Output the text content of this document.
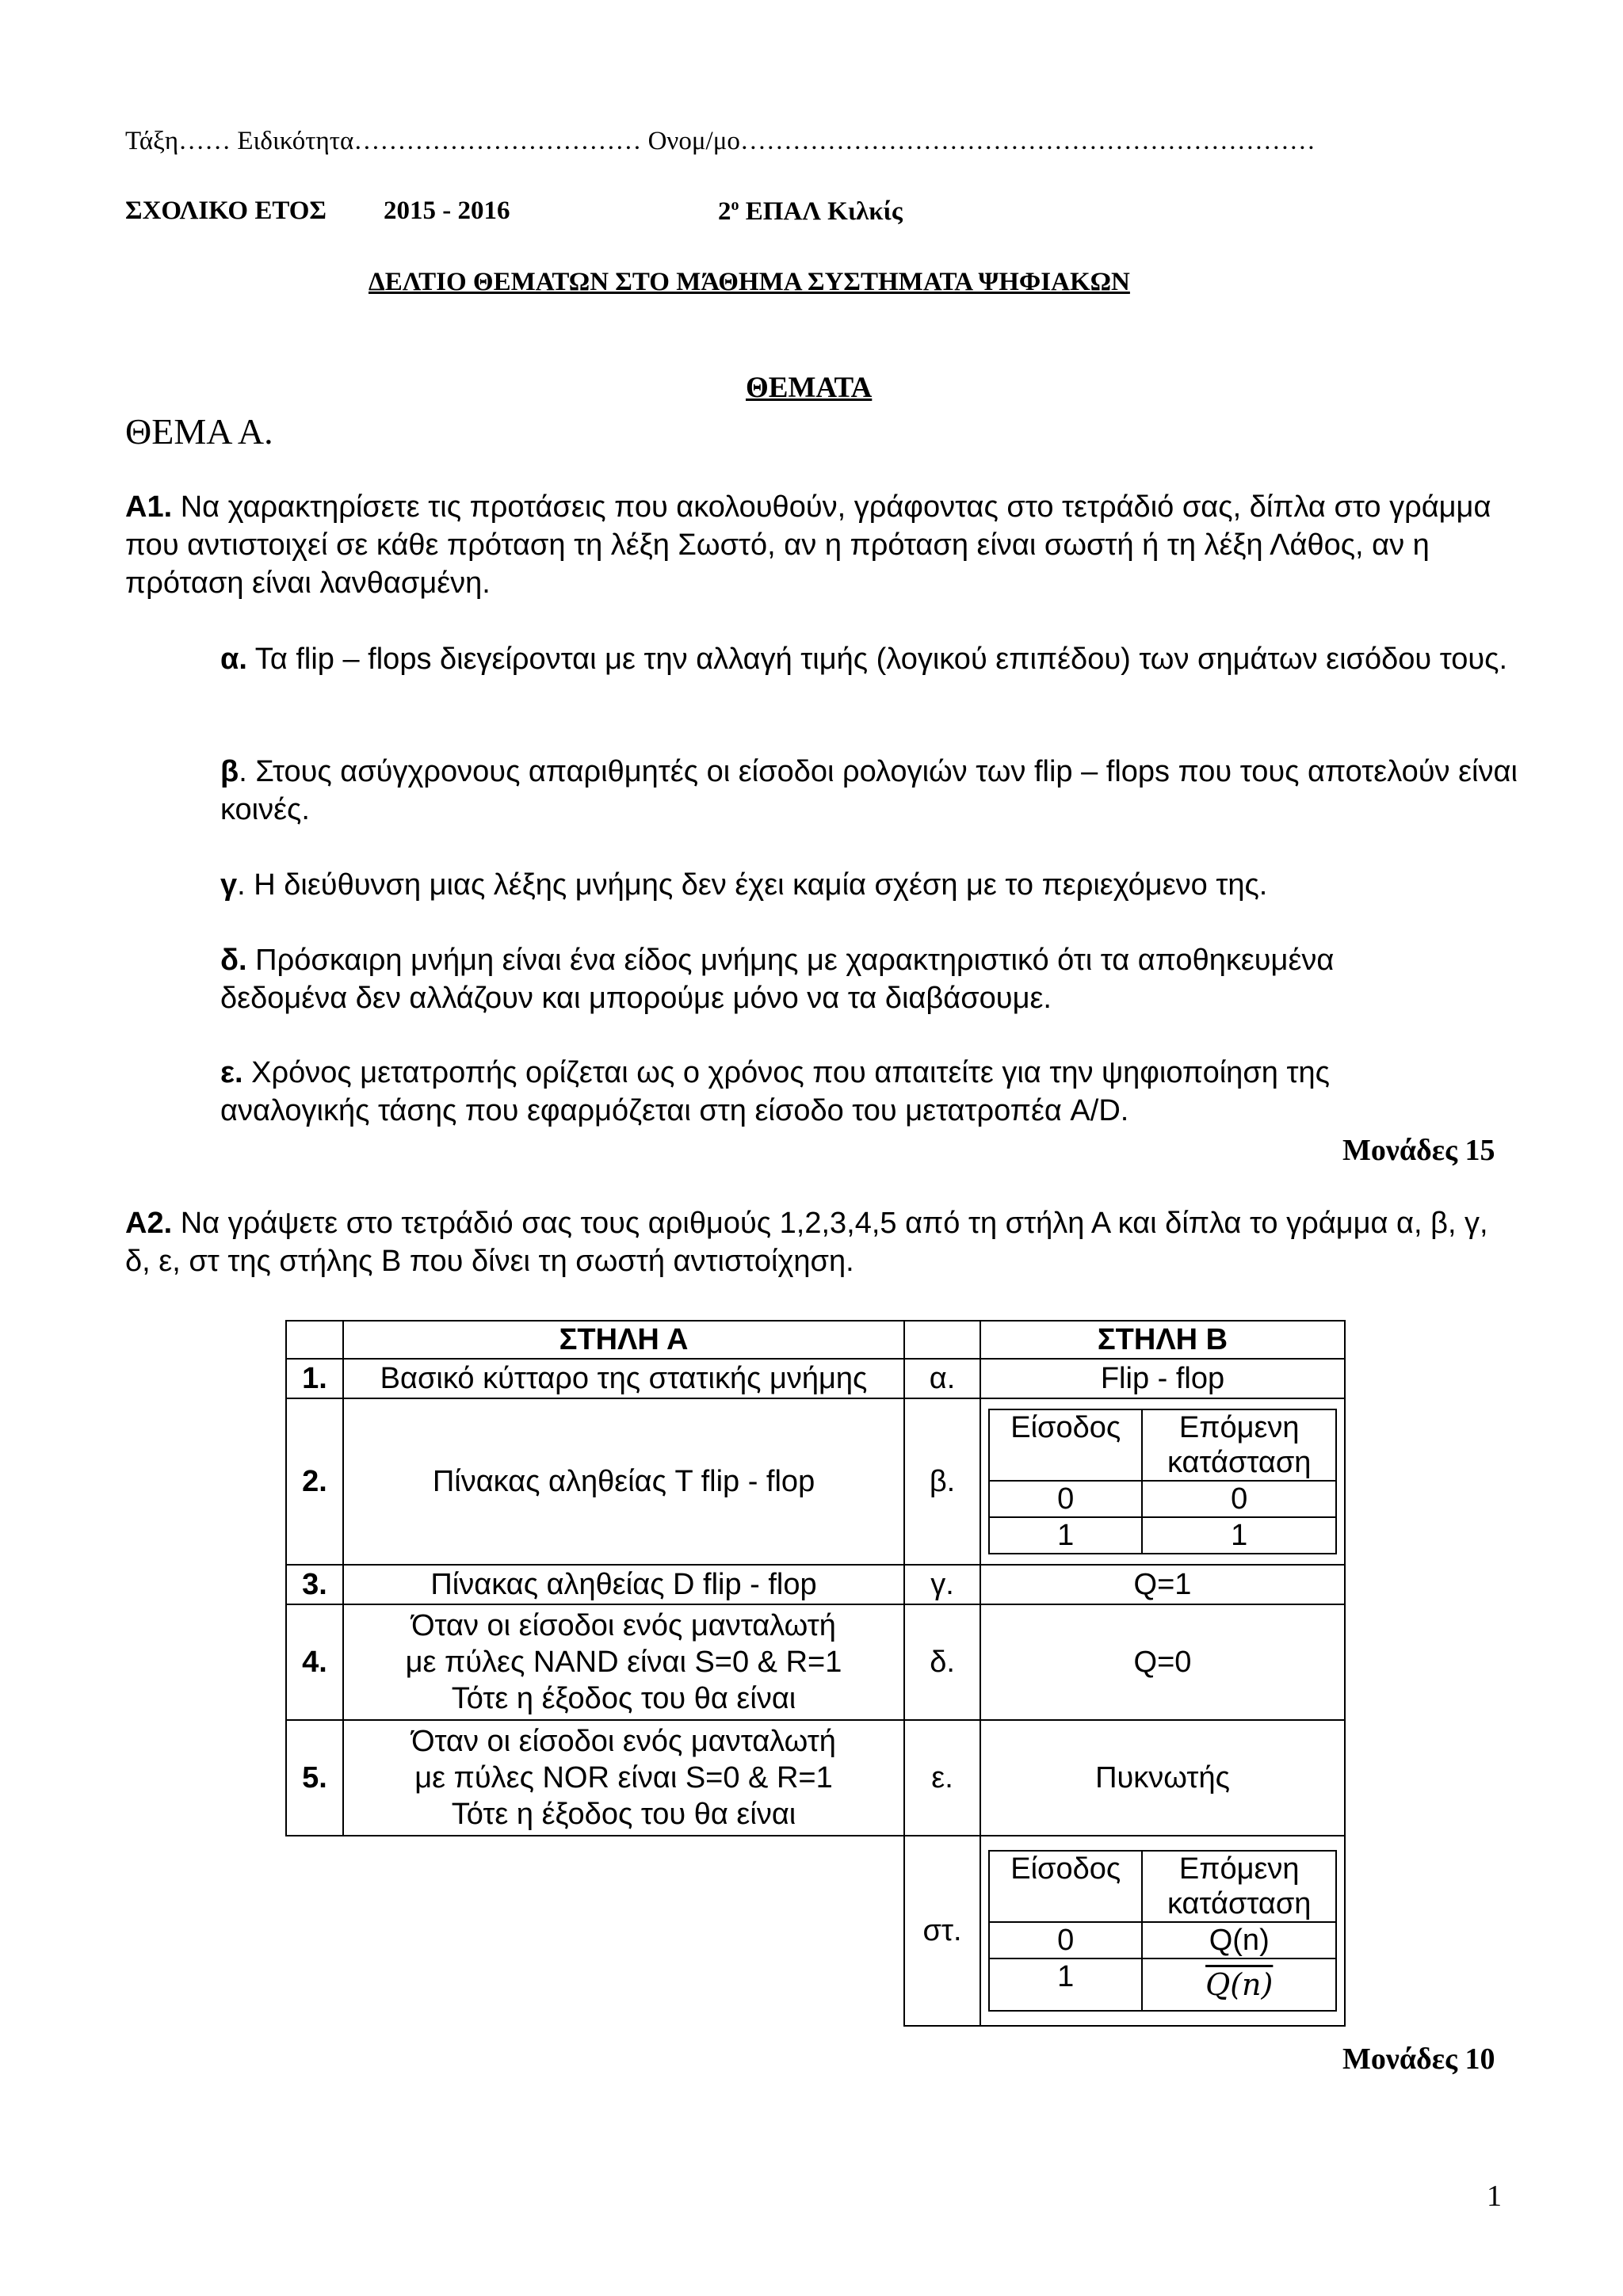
Τάξη…… Ειδικότητα…………………………… Ονομ/μο…………………………………………………………
ΣΧΟΛΙΚΟ ΕΤΟΣ 2015 - 2016	$2^o$ ΕΠΑΛ Κιλκίς
ΔΕΛΤΙΟ ΘΕΜΑΤΩΝ ΣΤΟ ΜΆΘΗΜΑ ΣΥΣΤΗΜΑΤΑ ΨΗΦΙΑΚΩΝ
ΘΕΜΑΤΑ
ΘΕΜΑ Α.
Α1. Να χαρακτηρίσετε τις προτάσεις που ακολουθούν, γράφοντας στο τετράδιό σας, δίπλα στο γράμμα που αντιστοιχεί σε κάθε πρόταση τη λέξη Σωστό, αν η πρόταση είναι σωστή ή τη λέξη Λάθος, αν η πρόταση είναι λανθασμένη.
α. Τα flip – flops διεγείρονται με την αλλαγή τιμής (λογικού επιπέδου) των σημάτων εισόδου τους.
β. Στους ασύγχρονους απαριθμητές οι είσοδοι ρολογιών των flip – flops που τους αποτελούν είναι κοινές.
γ. Η διεύθυνση μιας λέξης μνήμης δεν έχει καμία σχέση με το περιεχόμενο της.
δ. Πρόσκαιρη μνήμη είναι ένα είδος μνήμης με χαρακτηριστικό ότι τα αποθηκευμένα δεδομένα δεν αλλάζουν και μπορούμε μόνο να τα διαβάσουμε.
ε. Χρόνος μετατροπής ορίζεται ως ο χρόνος που απαιτείτε για την ψηφιοποίηση της αναλογικής τάσης που εφαρμόζεται στη είσοδο του μετατροπέα A/D.
Μονάδες 15
Α2. Να γράψετε στο τετράδιό σας τους αριθμούς 1,2,3,4,5 από τη στήλη Α και δίπλα το γράμμα α, β, γ, δ, ε, στ της στήλης Β που δίνει τη σωστή αντιστοίχηση.
	ΣΤΗΛΗ Α		ΣΤΗΛΗ Β
1.	Βασικό κύτταρο της στατικής μνήμης	α.	Flip - flop
2.	Πίνακας αληθείας T flip - flop	β.	
Είσοδος	Επόμενη
κατάσταση
0	0
1	1

3.	Πίνακας αληθείας D flip - flop	γ.	Q=1
4.	Όταν οι είσοδοι ενός μανταλωτή
με πύλες NAND είναι S=0 & R=1
Τότε η έξοδος του θα είναι	δ.	Q=0
5.	Όταν οι είσοδοι ενός μανταλωτή
με πύλες NOR είναι S=0 & R=1
Τότε η έξοδος του θα είναι	ε.	Πυκνωτής
		στ.	
Είσοδος	Επόμενη
κατάσταση
0	Q(n)
1	Q(n)
Μονάδες 10
1
